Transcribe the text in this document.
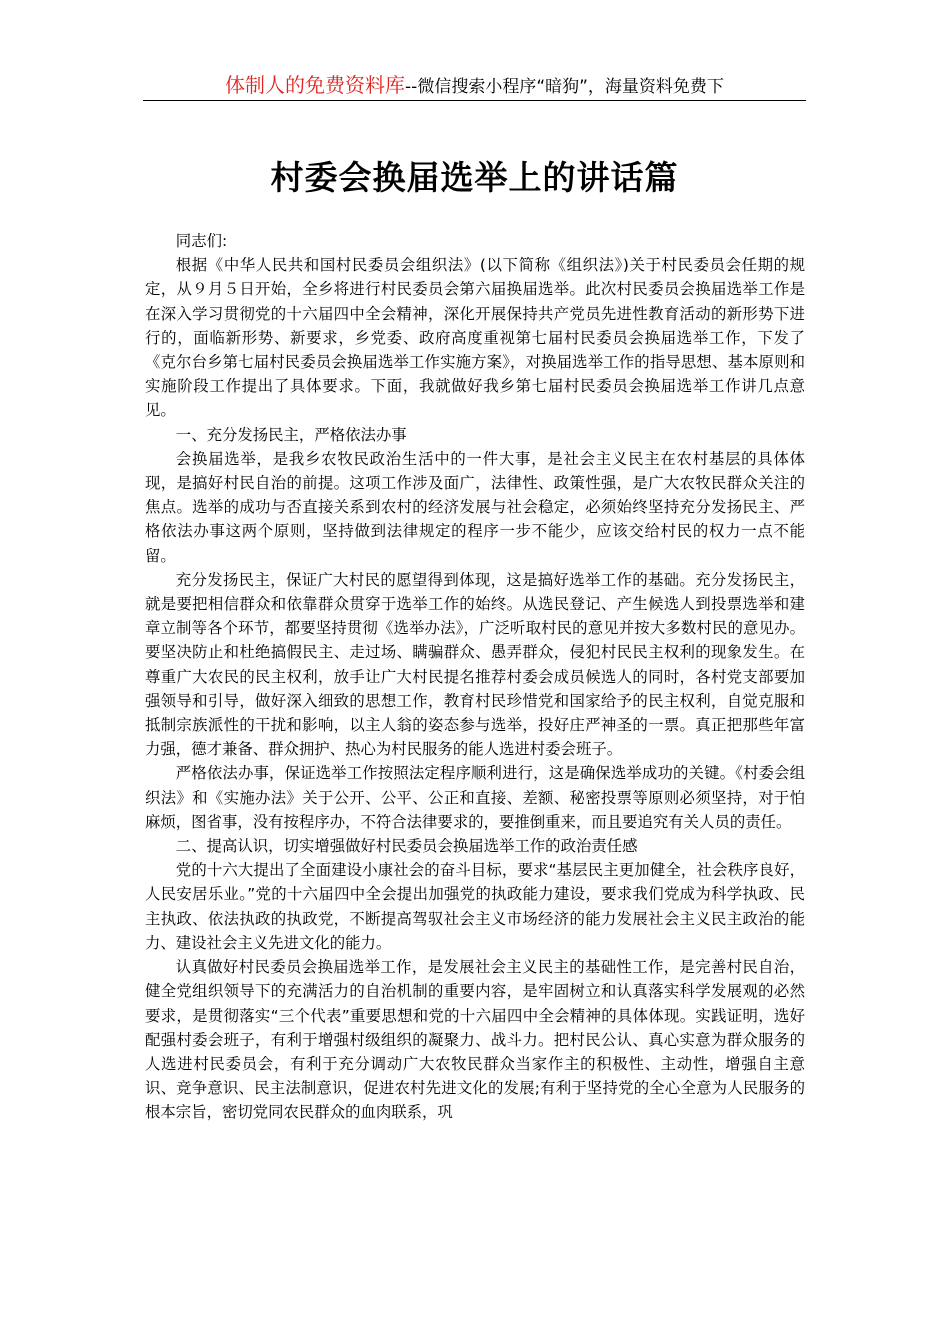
体制人的免费资料库--微信搜索小程序“暗狗”，海量资料免费下
村委会换届选举上的讲话篇

同志们:

根据《中华人民共和国村民委员会组织法》(以下简称《组织法》)关于村民委员会任期的规定，从９月５日开始，全乡将进行村民委员会第六届换届选举。此次村民委员会换届选举工作是在深入学习贯彻党的十六届四中全会精神，深化开展保持共产党员先进性教育活动的新形势下进行的，面临新形势、新要求，乡党委、政府高度重视第七届村民委员会换届选举工作，下发了《克尔台乡第七届村民委员会换届选举工作实施方案》，对换届选举工作的指导思想、基本原则和实施阶段工作提出了具体要求。下面，我就做好我乡第七届村民委员会换届选举工作讲几点意见。

一、充分发扬民主，严格依法办事

会换届选举，是我乡农牧民政治生活中的一件大事，是社会主义民主在农村基层的具体体现，是搞好村民自治的前提。这项工作涉及面广，法律性、政策性强，是广大农牧民群众关注的焦点。选举的成功与否直接关系到农村的经济发展与社会稳定，必须始终坚持充分发扬民主、严格依法办事这两个原则，坚持做到法律规定的程序一步不能少，应该交给村民的权力一点不能留。

充分发扬民主，保证广大村民的愿望得到体现，这是搞好选举工作的基础。充分发扬民主，就是要把相信群众和依靠群众贯穿于选举工作的始终。从选民登记、产生候选人到投票选举和建章立制等各个环节，都要坚持贯彻《选举办法》，广泛听取村民的意见并按大多数村民的意见办。要坚决防止和杜绝搞假民主、走过场、瞒骗群众、愚弄群众，侵犯村民民主权利的现象发生。在尊重广大农民的民主权利，放手让广大村民提名推荐村委会成员候选人的同时，各村党支部要加强领导和引导，做好深入细致的思想工作，教育村民珍惜党和国家给予的民主权利，自觉克服和抵制宗族派性的干扰和影响，以主人翁的姿态参与选举，投好庄严神圣的一票。真正把那些年富力强，德才兼备、群众拥护、热心为村民服务的能人选进村委会班子。

严格依法办事，保证选举工作按照法定程序顺利进行，这是确保选举成功的关键。《村委会组织法》和《实施办法》关于公开、公平、公正和直接、差额、秘密投票等原则必须坚持，对于怕麻烦，图省事，没有按程序办，不符合法律要求的，要推倒重来，而且要追究有关人员的责任。

二、提高认识，切实增强做好村民委员会换届选举工作的政治责任感

党的十六大提出了全面建设小康社会的奋斗目标，要求“基层民主更加健全，社会秩序良好，人民安居乐业。”党的十六届四中全会提出加强党的执政能力建设，要求我们党成为科学执政、民主执政、依法执政的执政党，不断提高驾驭社会主义市场经济的能力发展社会主义民主政治的能力、建设社会主义先进文化的能力。

认真做好村民委员会换届选举工作，是发展社会主义民主的基础性工作，是完善村民自治，健全党组织领导下的充满活力的自治机制的重要内容，是牢固树立和认真落实科学发展观的必然要求，是贯彻落实“三个代表”重要思想和党的十六届四中全会精神的具体体现。实践证明，选好配强村委会班子，有利于增强村级组织的凝聚力、战斗力。把村民公认、真心实意为群众服务的人选进村民委员会，有利于充分调动广大农牧民群众当家作主的积极性、主动性，增强自主意识、竞争意识、民主法制意识，促进农村先进文化的发展;有利于坚持党的全心全意为人民服务的根本宗旨，密切党同农民群众的血肉联系，巩
